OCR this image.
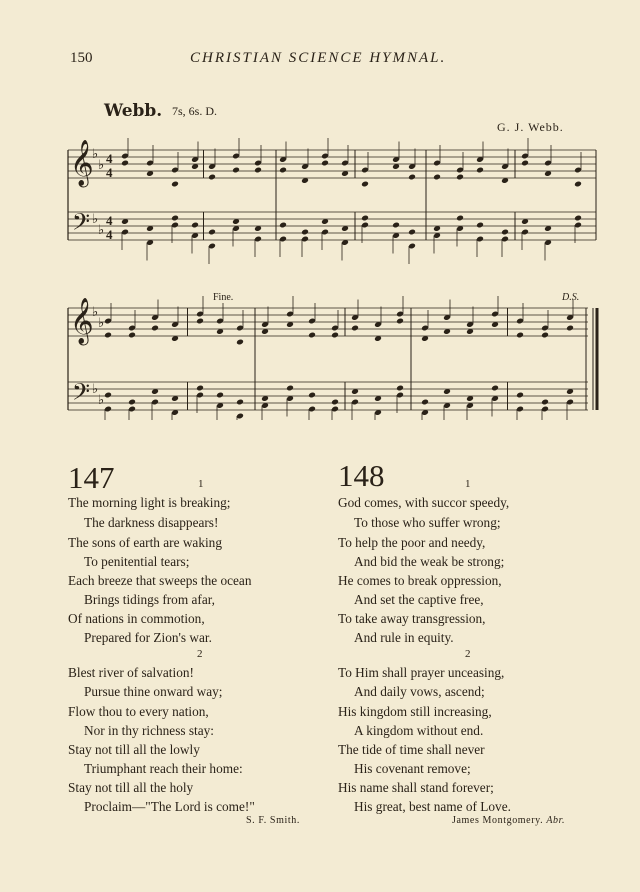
150	CHRISTIAN SCIENCE HYMNAL.
Webb. 7s, 6s. D.
G. J. Webb.
𝄞
𝄢
♭
♭
♭
♭
4
4
4
4
𝄞
𝄢
♭
♭
♭
♭
Fine.	D.S.
147	1
The morning light is breaking;
The darkness disappears!
The sons of earth are waking
To penitential tears;
Each breeze that sweeps the ocean
Brings tidings from afar,
Of nations in commotion,
Prepared for Zion's war.
2
Blest river of salvation!
Pursue thine onward way;
Flow thou to every nation,
Nor in thy richness stay:
Stay not till all the lowly
Triumphant reach their home:
Stay not till all the holy
Proclaim—"The Lord is come!"
S. F. Smith.
148	1
God comes, with succor speedy,
To those who suffer wrong;
To help the poor and needy,
And bid the weak be strong;
He comes to break oppression,
And set the captive free,
To take away transgression,
And rule in equity.
2
To Him shall prayer unceasing,
And daily vows, ascend;
His kingdom still increasing,
A kingdom without end.
The tide of time shall never
His covenant remove;
His name shall stand forever;
His great, best name of Love.
James Montgomery. Abr.
